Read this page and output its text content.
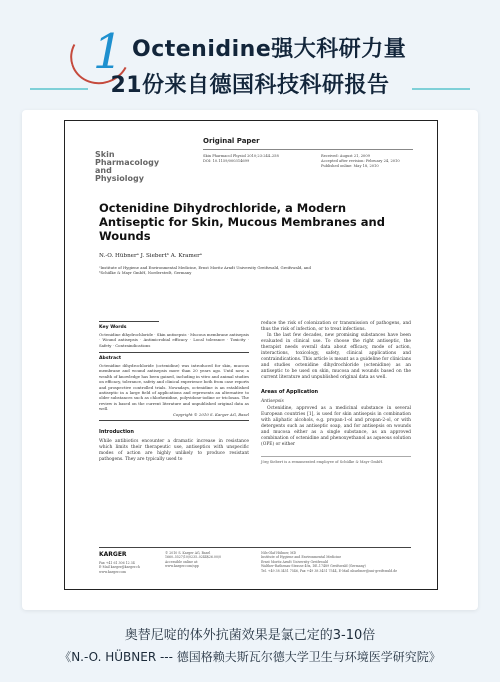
1 Octenidine强大科研力量
21份来自德国科技科研报告
Skin
Pharmacology
and
Physiology
Original Paper
Skin Pharmacol Physiol 2010;23:244–258
DOI: 10.1159/000314699
Received: August 21, 2009
Accepted after revision: February 24, 2010
Published online: May 18, 2010
Octenidine Dihydrochloride, a Modern Antiseptic for Skin, Mucous Membranes and Wounds
N.-O. Hübnerᵃ J. Siebertᵇ A. Kramerᵃ
ᵃInstitute of Hygiene and Environmental Medicine, Ernst Moritz Arndt University Greifswald, Greifswald, and
ᵇSchülke & Mayr GmbH, Norderstedt, Germany
Key Words
Octenidine dihydrochloride · Skin antisepsis · Mucous membrane antisepsis · Wound antisepsis · Antimicrobial efficacy · Local tolerance · Toxicity · Safety · Contraindications
Abstract
Octenidine dihydrochloride (octenidine) was introduced for skin, mucous membrane and wound antisepsis more than 20 years ago. Until now, a wealth of knowledge has been gained, including in vitro and animal studies on efficacy, tolerance, safety and clinical experience both from case reports and prospective controlled trials. Nowadays, octenidine is an established antiseptic in a large field of applications and represents an alternative to older substances such as chlorhexidine, polyvidone-iodine or triclosan. The review is based on the current literature and unpublished original data as well.
Copyright © 2010 S. Karger AG, Basel
Introduction
While antibiotics encounter a dramatic increase in resistance which limits their therapeutic use, antiseptics with unspecific modes of action are highly unlikely to produce resistant pathogens. They are typically used to
reduce the risk of colonization or transmission of pathogens, and thus the risk of infection, or to treat infections.
In the last few decades, new promising substances have been evaluated in clinical use. To choose the right antiseptic, the therapist needs overall data about efficacy, mode of action, interactions, toxicology, safety, clinical applications and contraindications. This article is meant as a guideline for clinicians and studies octenidine dihydrochloride (octenidine) as an antiseptic to be used on skin, mucosa and wounds based on the current literature and unpublished original data as well.
Areas of Application
Antisepsis
Octenidine, approved as a medicinal substance in several European countries [1], is used for skin antisepsis in combination with aliphatic alcohols, e.g. propan-1-ol and propan-2-ol, or with detergents such as antiseptic soap, and for antisepsis on wounds and mucosa either as a single substance, as an approved combination of octenidine and phenoxyethanol as aqueous solution (OPE) or either
Jörg Siebert is a remunerated employee of Schülke & Mayr GmbH.
KARGER
Fax +41 61 306 12 34
E-Mail karger@karger.ch
www.karger.com
© 2010 S. Karger AG, Basel
1660–5527/10/0235–0244$26.00/0
Accessible online at:
www.karger.com/spp
Nils-Olaf Hübner, MD
Institute of Hygiene and Environmental Medicine
Ernst Moritz Arndt University Greifswald
Walther-Rathenau-Strasse 49a, DE–17489 Greifswald (Germany)
Tel. +49 38 3451 7546, Fax +49 38 3451 7544, E-Mail nhuebner@uni-greifswald.de
奥替尼啶的体外抗菌效果是氯己定的3-10倍
《N.-O. HÜBNER --- 德国格赖夫斯瓦尔德大学卫生与环境医学研究院》
